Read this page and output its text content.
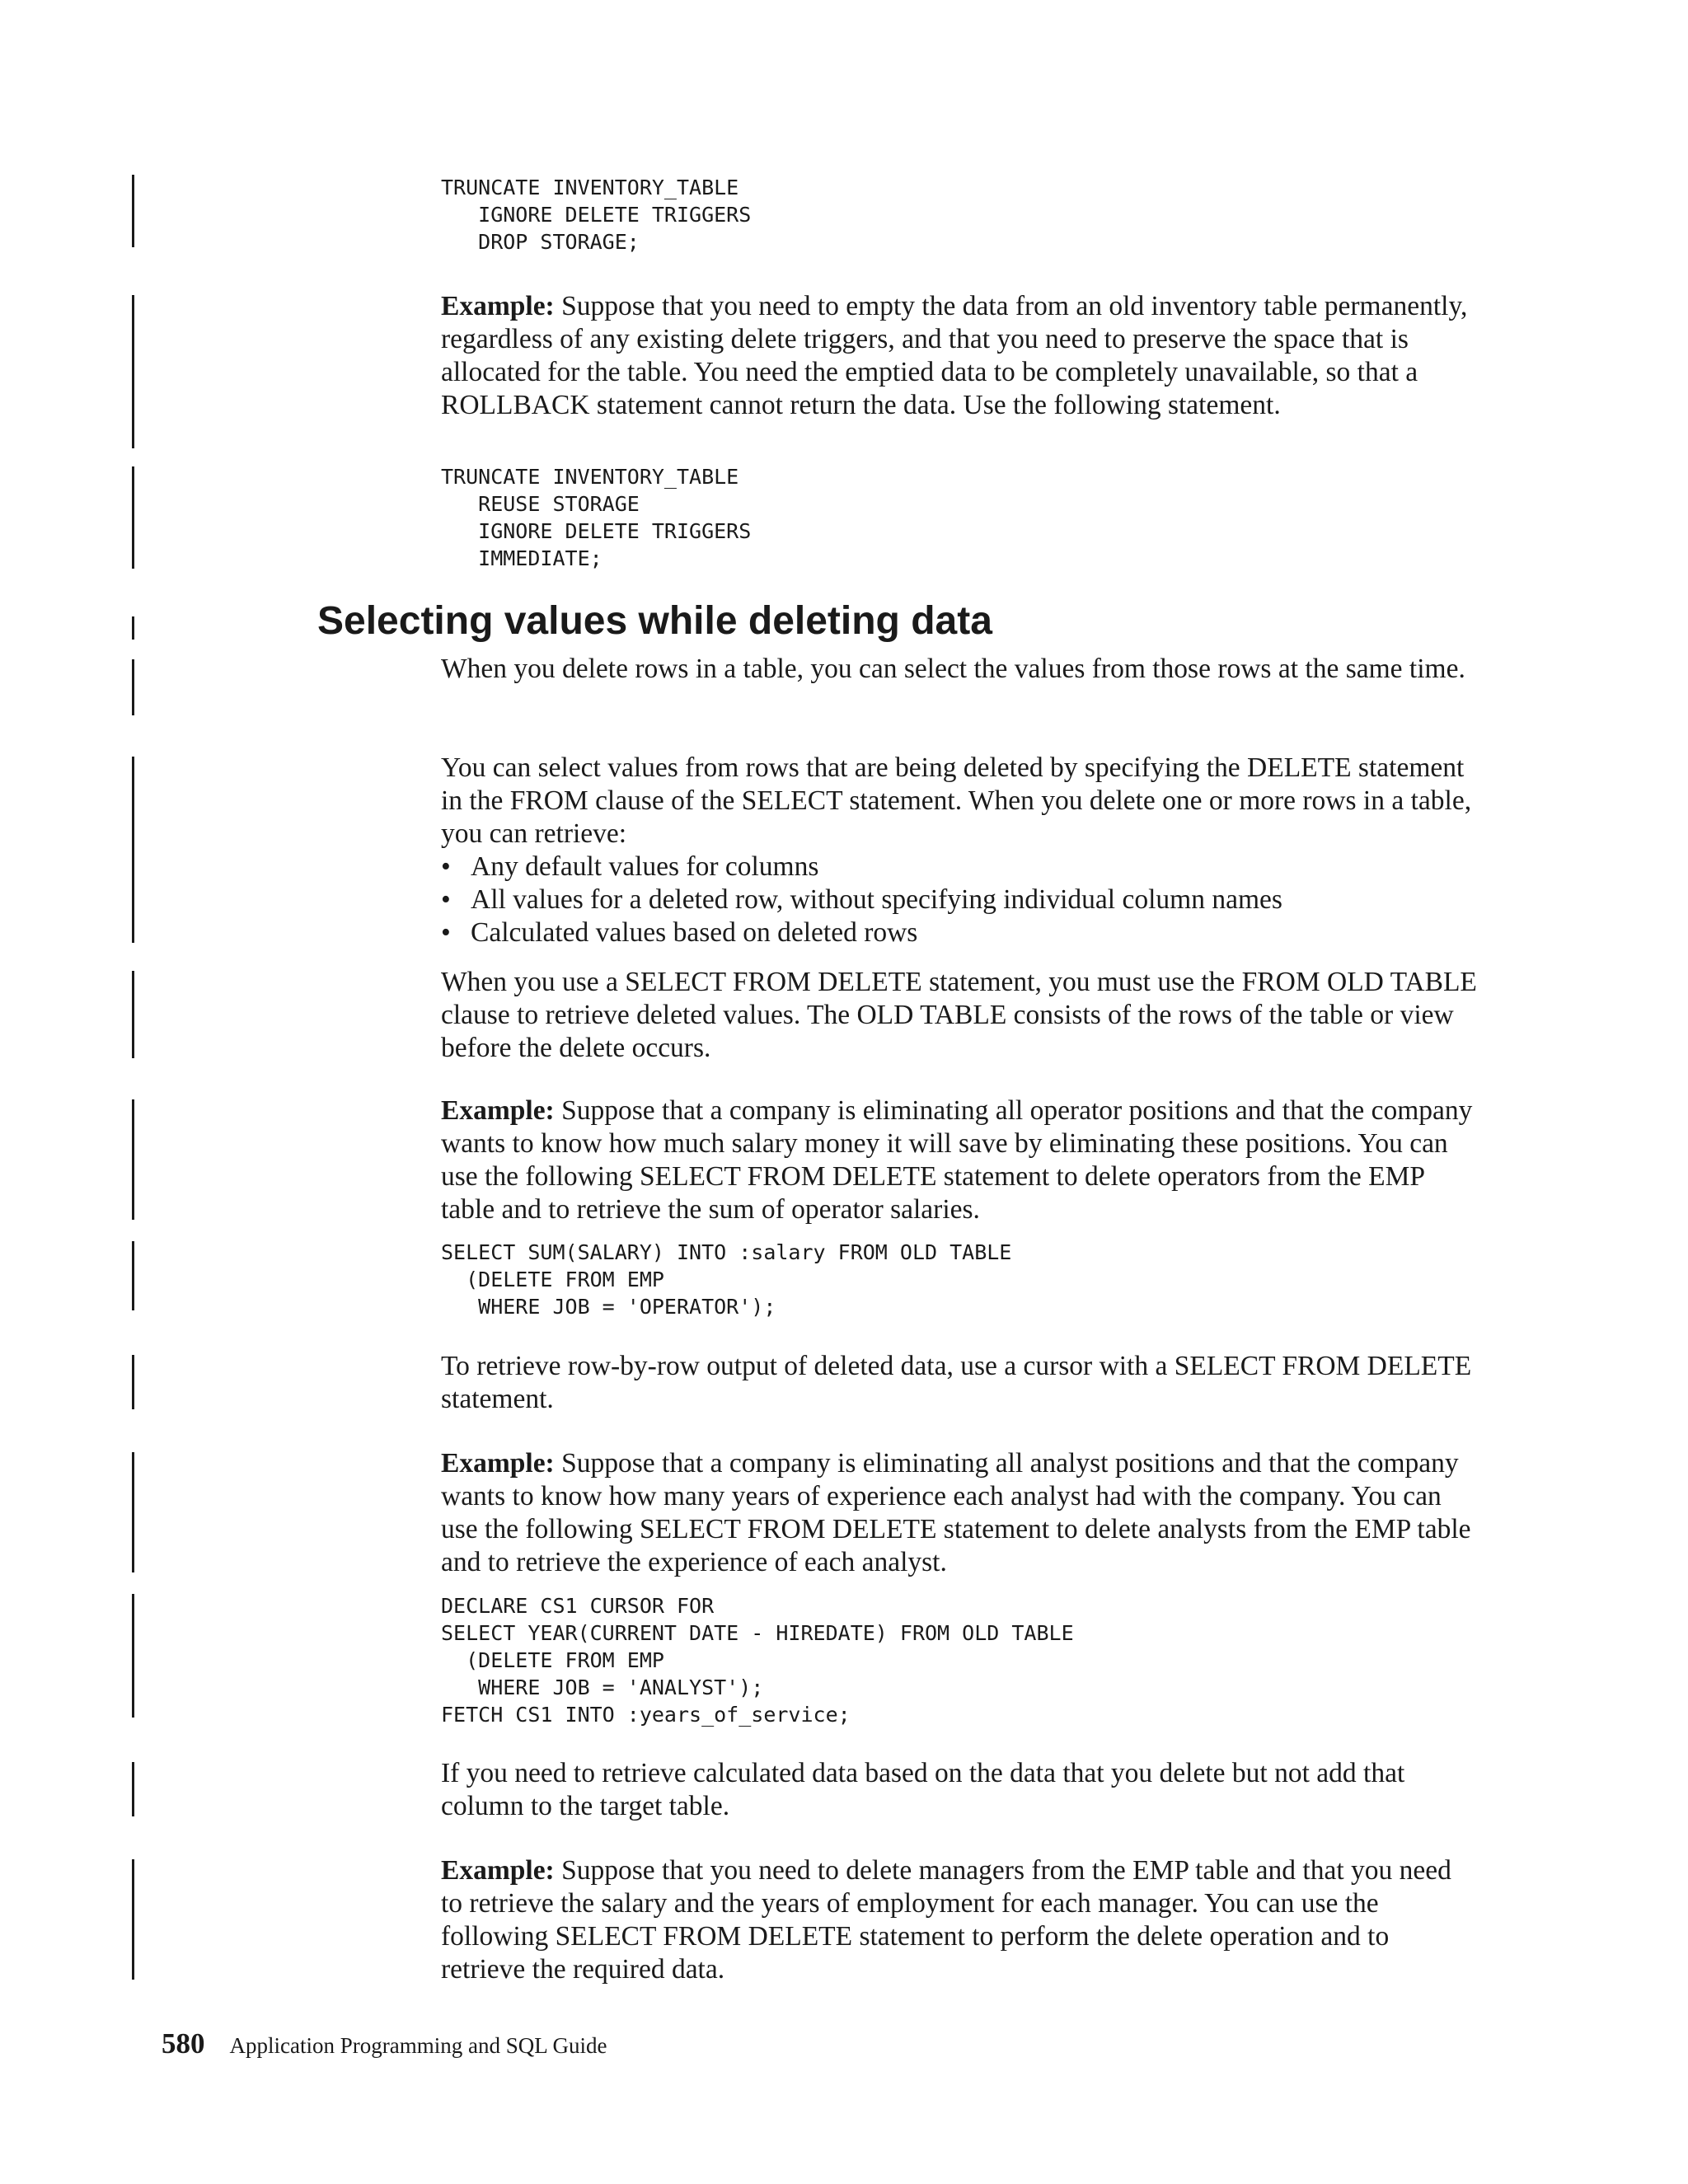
TRUNCATE INVENTORY_TABLE
IGNORE DELETE TRIGGERS
DROP STORAGE;

Example: Suppose that you need to empty the data from an old inventory table permanently, regardless of any existing delete triggers, and that you need to preserve the space that is allocated for the table. You need the emptied data to be completely unavailable, so that a ROLLBACK statement cannot return the data. Use the following statement.

TRUNCATE INVENTORY_TABLE
REUSE STORAGE
IGNORE DELETE TRIGGERS
IMMEDIATE;
Selecting values while deleting data

When you delete rows in a table, you can select the values from those rows at the same time.

You can select values from rows that are being deleted by specifying the DELETE statement in the FROM clause of the SELECT statement. When you delete one or more rows in a table, you can retrieve:

• Any default values for columns
• All values for a deleted row, without specifying individual column names
• Calculated values based on deleted rows

When you use a SELECT FROM DELETE statement, you must use the FROM OLD TABLE clause to retrieve deleted values. The OLD TABLE consists of the rows of the table or view before the delete occurs.

Example: Suppose that a company is eliminating all operator positions and that the company wants to know how much salary money it will save by eliminating these positions. You can use the following SELECT FROM DELETE statement to delete operators from the EMP table and to retrieve the sum of operator salaries.

SELECT SUM(SALARY) INTO :salary FROM OLD TABLE
(DELETE FROM EMP
WHERE JOB = 'OPERATOR');

To retrieve row-by-row output of deleted data, use a cursor with a SELECT FROM DELETE statement.

Example: Suppose that a company is eliminating all analyst positions and that the company wants to know how many years of experience each analyst had with the company. You can use the following SELECT FROM DELETE statement to delete analysts from the EMP table and to retrieve the experience of each analyst.

DECLARE CS1 CURSOR FOR
SELECT YEAR(CURRENT DATE - HIREDATE) FROM OLD TABLE
(DELETE FROM EMP
WHERE JOB = 'ANALYST');
FETCH CS1 INTO :years_of_service;

If you need to retrieve calculated data based on the data that you delete but not add that column to the target table.

Example: Suppose that you need to delete managers from the EMP table and that you need to retrieve the salary and the years of employment for each manager. You can use the following SELECT FROM DELETE statement to perform the delete operation and to retrieve the required data.

580 Application Programming and SQL Guide
